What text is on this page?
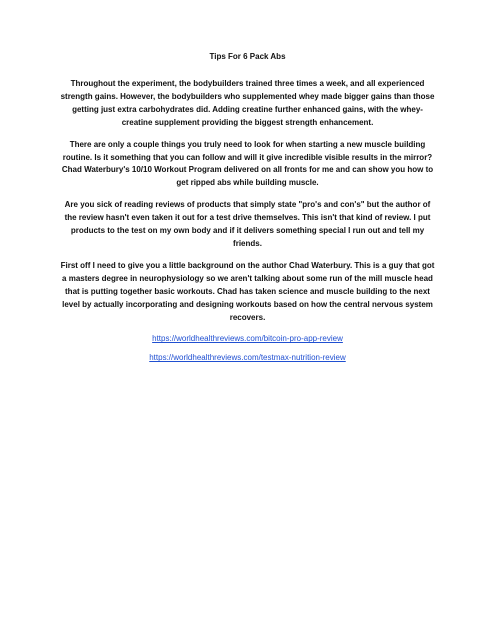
Tips For 6 Pack Abs

Throughout the experiment, the bodybuilders trained three times a week, and all experienced strength gains. However, the bodybuilders who supplemented whey made bigger gains than those getting just extra carbohydrates did. Adding creatine further enhanced gains, with the whey-creatine supplement providing the biggest strength enhancement.

There are only a couple things you truly need to look for when starting a new muscle building routine. Is it something that you can follow and will it give incredible visible results in the mirror? Chad Waterbury's 10/10 Workout Program delivered on all fronts for me and can show you how to get ripped abs while building muscle.

Are you sick of reading reviews of products that simply state "pro's and con's" but the author of the review hasn't even taken it out for a test drive themselves. This isn't that kind of review. I put products to the test on my own body and if it delivers something special I run out and tell my friends.

First off I need to give you a little background on the author Chad Waterbury. This is a guy that got a masters degree in neurophysiology so we aren't talking about some run of the mill muscle head that is putting together basic workouts. Chad has taken science and muscle building to the next level by actually incorporating and designing workouts based on how the central nervous system recovers.

https://worldhealthreviews.com/bitcoin-pro-app-review
https://worldhealthreviews.com/testmax-nutrition-review
